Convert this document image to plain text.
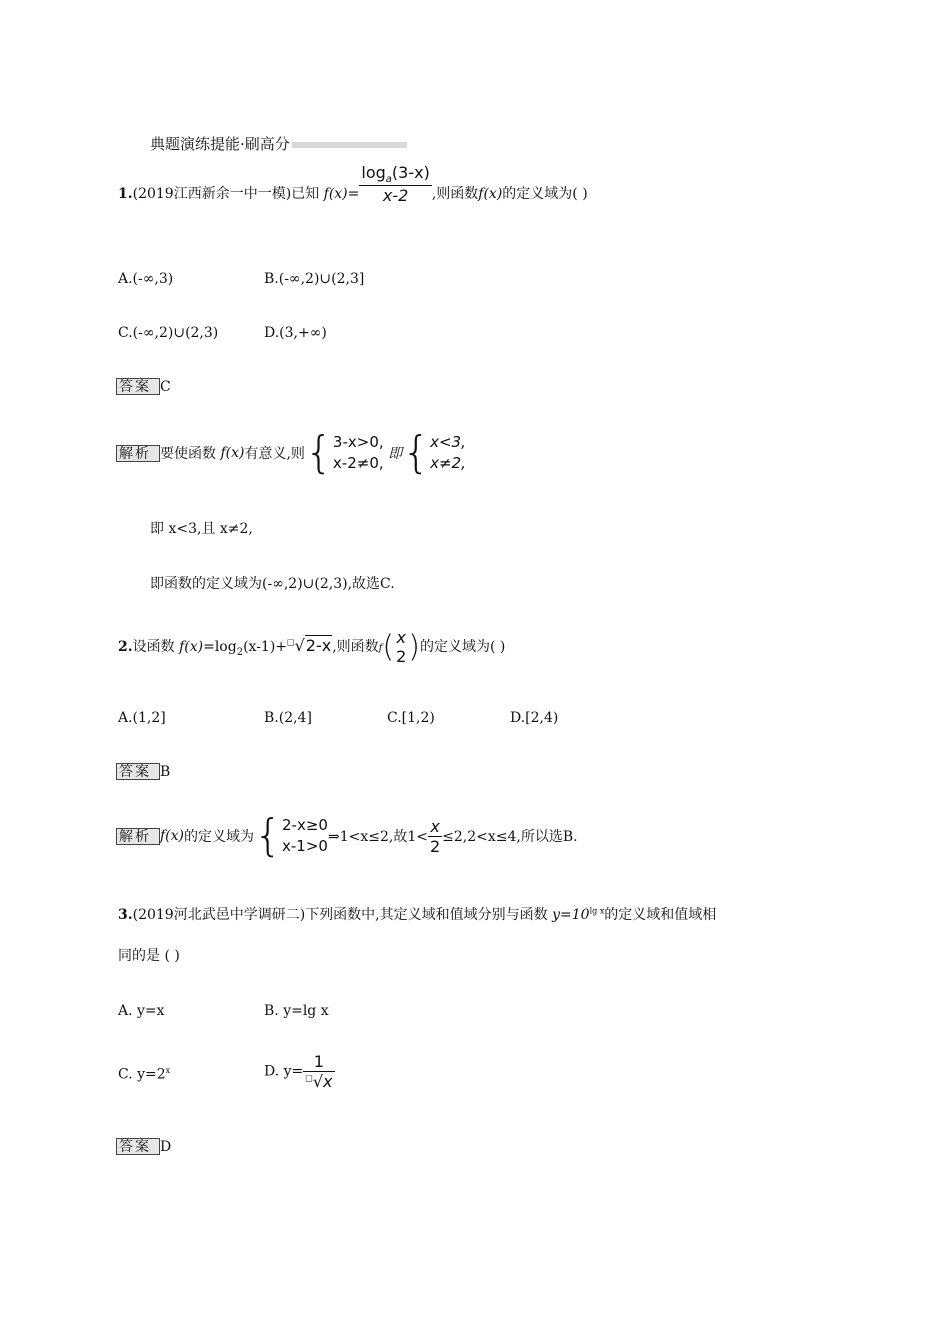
典题演练提能·刷高分
1.(2019江西新余一中一模)已知 $f(x)= \frac{\log_a(3-x)}{x-2}$ ,则函数f(x)的定义域为( )
A.(-∞,3)	B.(-∞,2)∪(2,3]
C.(-∞,2)∪(2,3)	D.(3,+∞)
答案 C
解析 要使函数 f(x)有意义,则{ 3-x>0,
x-2≠0, 即{ x<3,
x≠2,
即 x<3,且 x≠2,
即函数的定义域为(-∞,2)∪(2,3),故选C.
2.设函数 $f(x)=\log_2(x-1)+^□√2-x$,则函数f( x
2 )的定义域为( )
A.(1,2]	B.(2,4]	C.[1,2)	D.[2,4)
答案 B
解析 f(x)的定义域为{ 2-x≥0
x-1>0 ⇒1<x≤2,故$1< \frac{x}{2} \le 2,2<x\le 4$,所以选B.
3.(2019河北武邑中学调研二)下列函数中,其定义域和值域分别与函数 $y=10^{lg x}$的定义域和值域相
同的是 ( )
A. y=x	B. y=lg x
C. $y=2^x$	D. $y= \frac{1}{^□√x}$
答案 D
